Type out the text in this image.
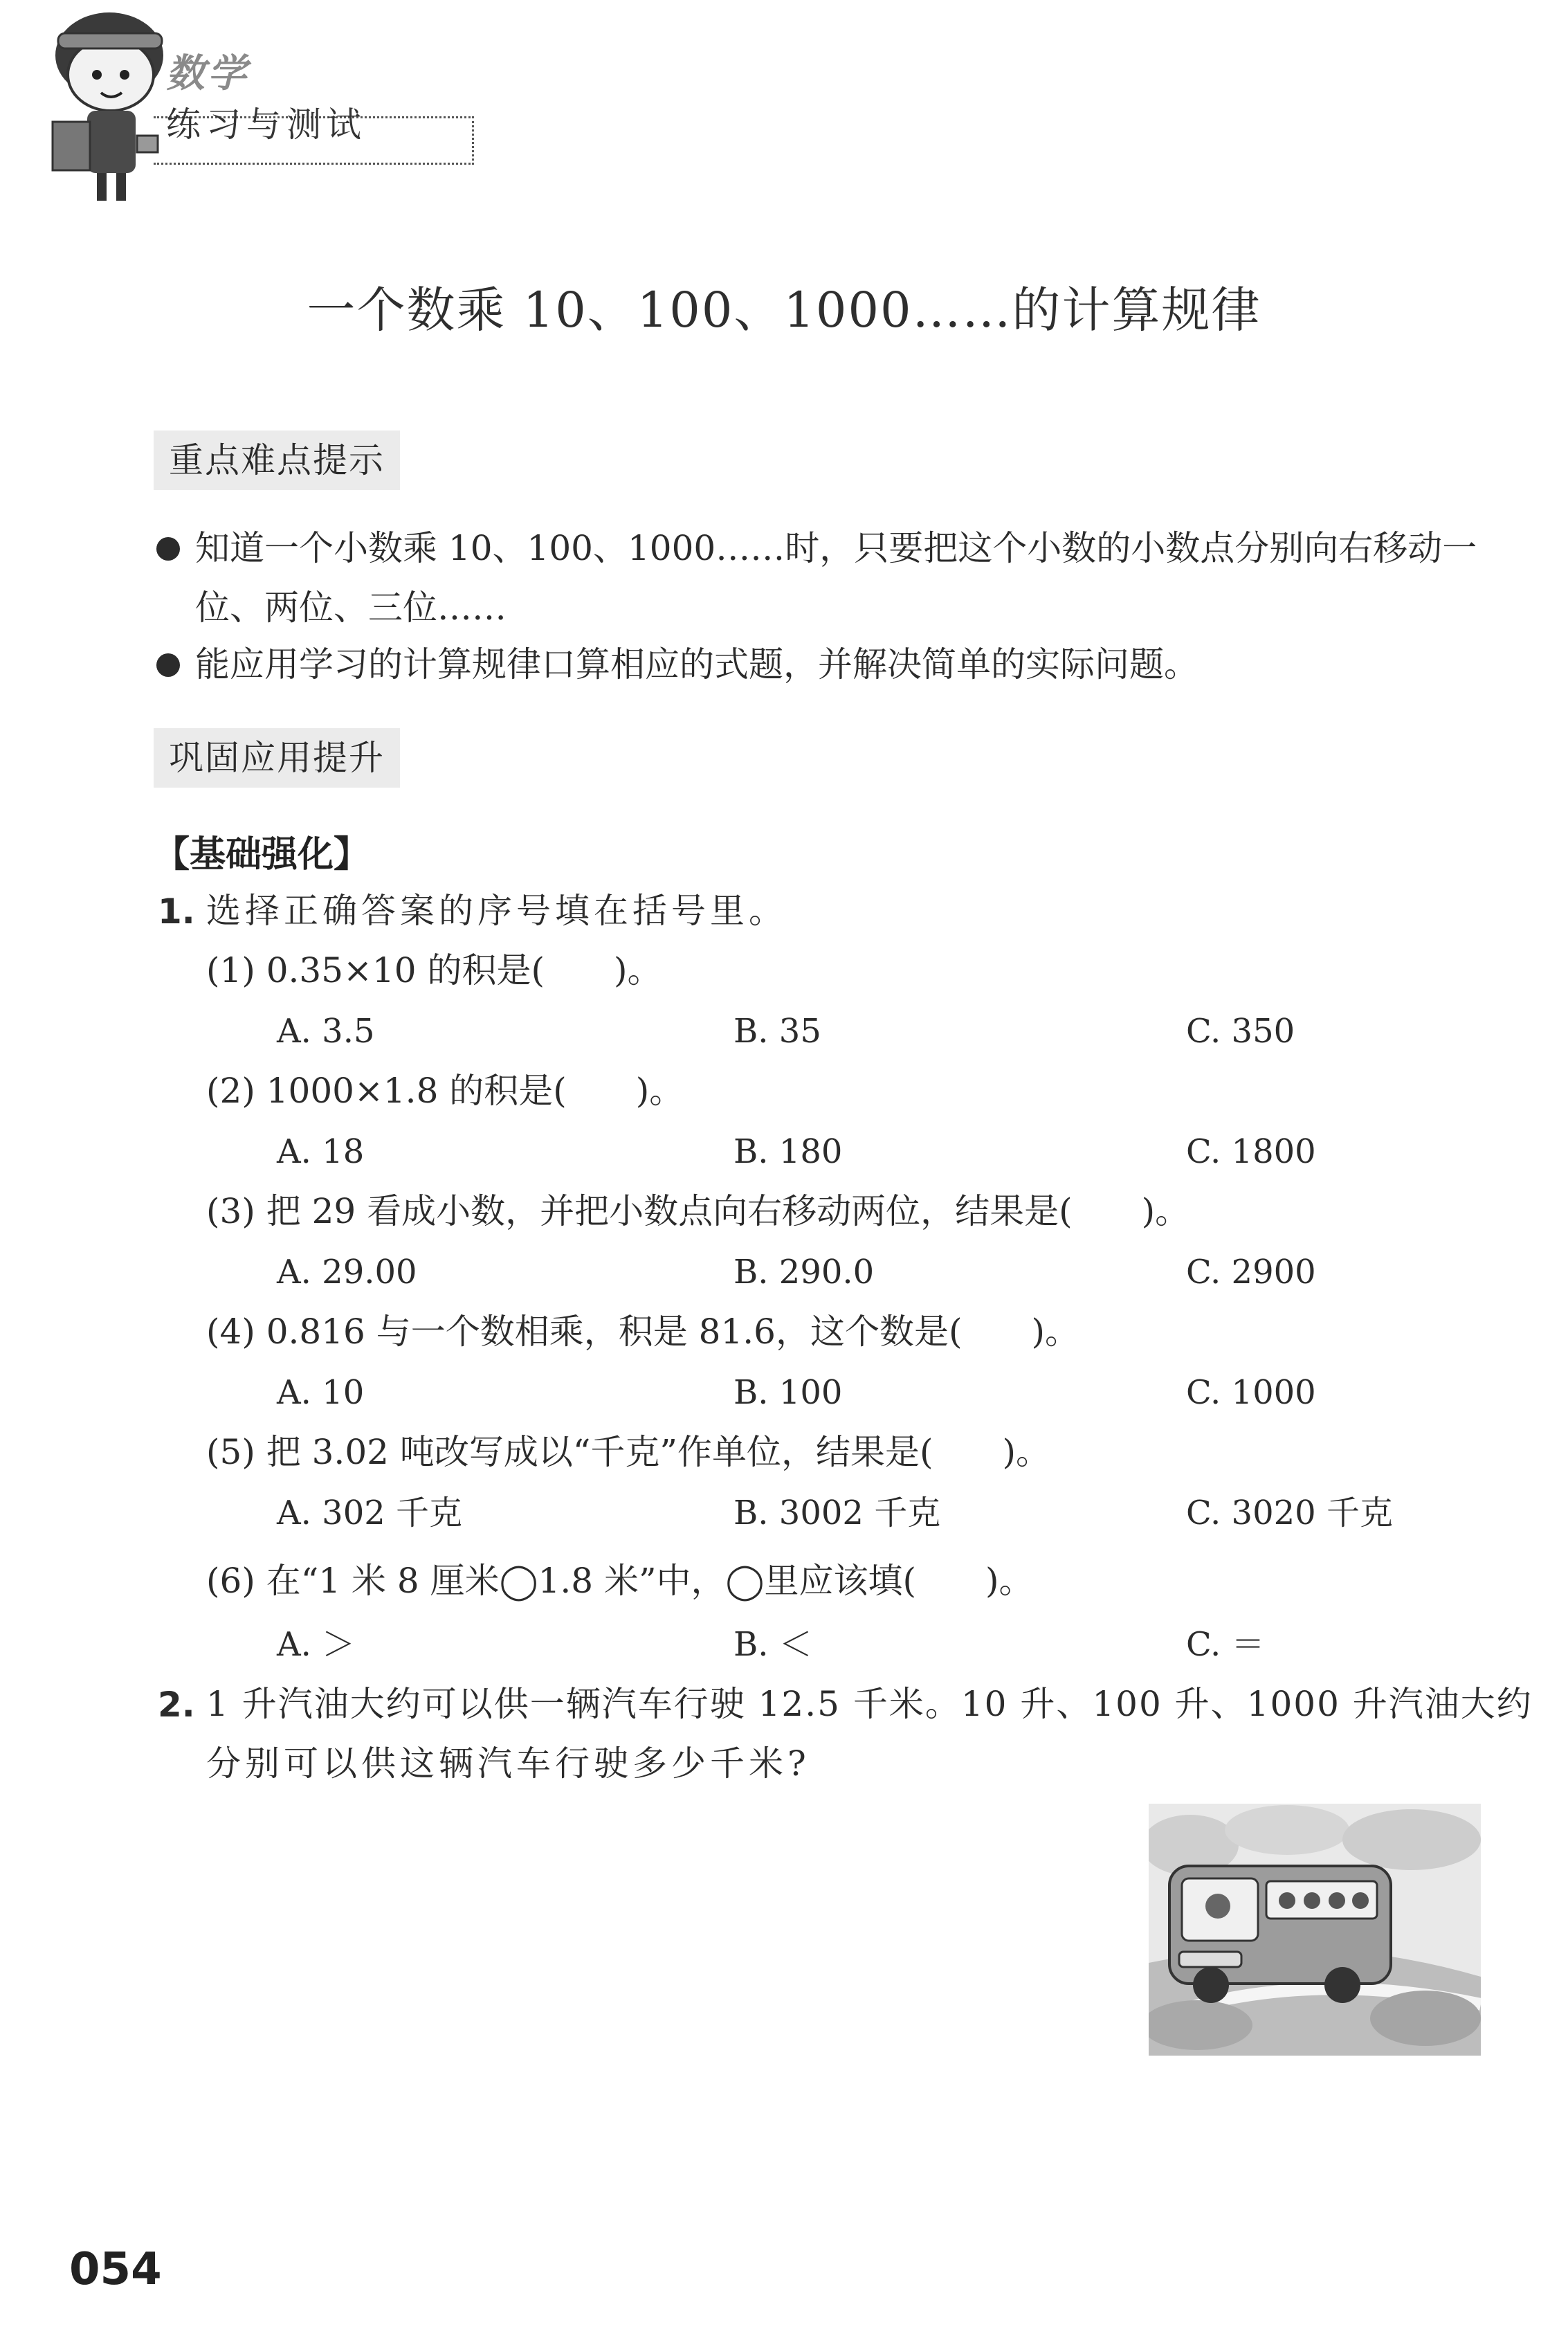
数学
练习与测试
一个数乘 10、100、1000……的计算规律
重点难点提示
知道一个小数乘 10、100、1000……时，只要把这个小数的小数点分别向右移动一
位、两位、三位……
能应用学习的计算规律口算相应的式题，并解决简单的实际问题。
巩固应用提升
【基础强化】
1. 选择正确答案的序号填在括号里。
(1) 0.35×10 的积是(　　)。
A. 3.5	B. 35	C. 350
(2) 1000×1.8 的积是(　　)。
A. 18	B. 180	C. 1800
(3) 把 29 看成小数，并把小数点向右移动两位，结果是(　　)。
A. 29.00	B. 290.0	C. 2900
(4) 0.816 与一个数相乘，积是 81.6，这个数是(　　)。
A. 10	B. 100	C. 1000
(5) 把 3.02 吨改写成以“千克”作单位，结果是(　　)。
A. 302 千克	B. 3002 千克	C. 3020 千克
(6) 在“1 米 8 厘米◯1.8 米”中，◯里应该填(　　)。
A. ＞	B. ＜	C. ＝
2. 1 升汽油大约可以供一辆汽车行驶 12.5 千米。10 升、100 升、1000 升汽油大约
分别可以供这辆汽车行驶多少千米?
054
